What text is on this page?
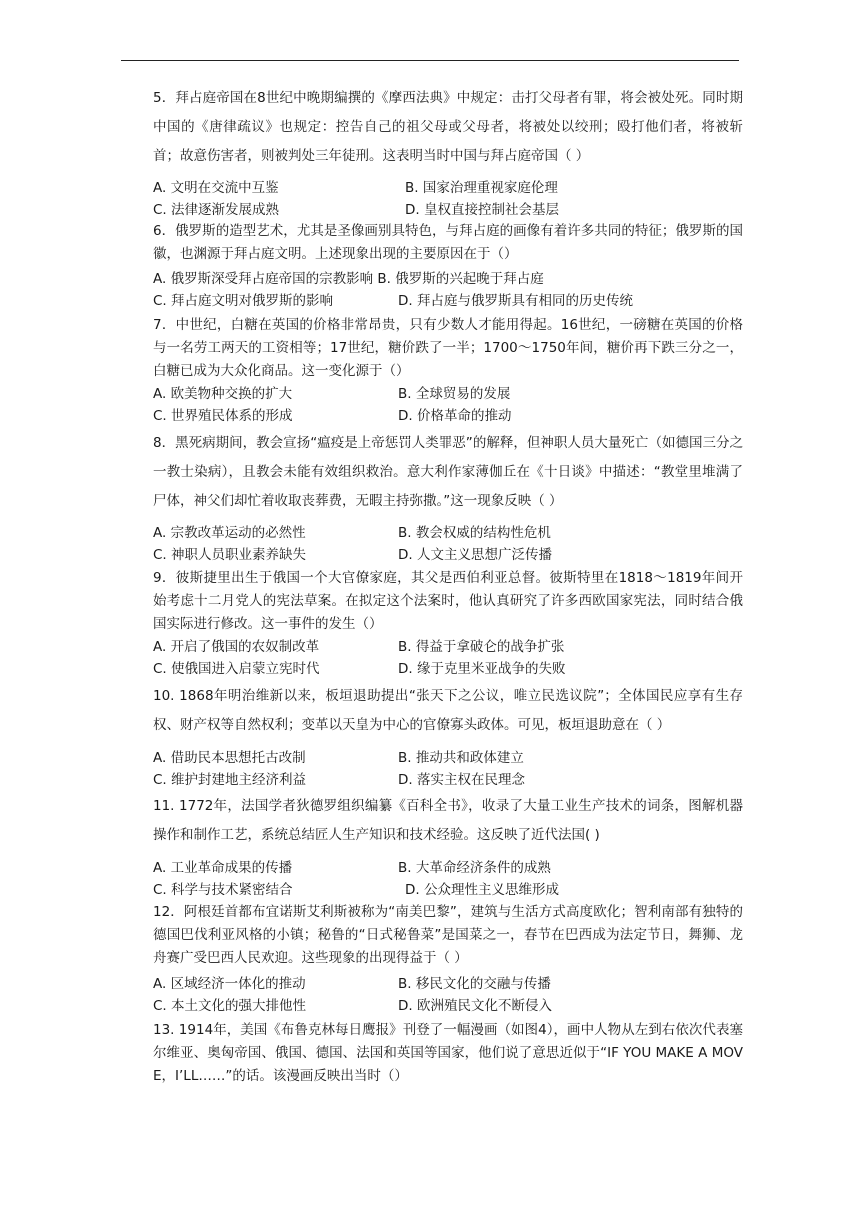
5．拜占庭帝国在8世纪中晚期编撰的《摩西法典》中规定：击打父母者有罪，将会被处死。同时期中国的《唐律疏议》也规定：控告自己的祖父母或父母者，将被处以绞刑；殴打他们者，将被斩首；故意伤害者，则被判处三年徒刑。这表明当时中国与拜占庭帝国（ ）
A. 文明在交流中互鉴	B. 国家治理重视家庭伦理
C. 法律逐渐发展成熟	D. 皇权直接控制社会基层
6．俄罗斯的造型艺术，尤其是圣像画别具特色，与拜占庭的画像有着许多共同的特征；俄罗斯的国徽，也渊源于拜占庭文明。上述现象出现的主要原因在于（）
A. 俄罗斯深受拜占庭帝国的宗教影响 B. 俄罗斯的兴起晚于拜占庭
C. 拜占庭文明对俄罗斯的影响	D. 拜占庭与俄罗斯具有相同的历史传统
7．中世纪，白糖在英国的价格非常昂贵，只有少数人才能用得起。16世纪，一磅糖在英国的价格与一名劳工两天的工资相等；17世纪，糖价跌了一半；1700～1750年间，糖价再下跌三分之一，白糖已成为大众化商品。这一变化源于（）
A. 欧美物种交换的扩大	B. 全球贸易的发展
C. 世界殖民体系的形成	D. 价格革命的推动
8．黑死病期间，教会宣扬“瘟疫是上帝惩罚人类罪恶”的解释，但神职人员大量死亡（如德国三分之一教士染病），且教会未能有效组织救治。意大利作家薄伽丘在《十日谈》中描述：“教堂里堆满了尸体，神父们却忙着收取丧葬费，无暇主持弥撒。”这一现象反映（ ）
A. 宗教改革运动的必然性	B. 教会权威的结构性危机
C. 神职人员职业素养缺失	D. 人文主义思想广泛传播
9．彼斯捷里出生于俄国一个大官僚家庭，其父是西伯利亚总督。彼斯特里在1818～1819年间开始考虑十二月党人的宪法草案。在拟定这个法案时，他认真研究了许多西欧国家宪法，同时结合俄国实际进行修改。这一事件的发生（）
A. 开启了俄国的农奴制改革	B. 得益于拿破仑的战争扩张
C. 使俄国进入启蒙立宪时代	D. 缘于克里米亚战争的失败
10. 1868年明治维新以来，板垣退助提出“张天下之公议，唯立民选议院”；全体国民应享有生存权、财产权等自然权利；变革以天皇为中心的官僚寡头政体。可见，板垣退助意在（ ）
A. 借助民本思想托古改制	B. 推动共和政体建立
C. 维护封建地主经济利益	D. 落实主权在民理念
11. 1772年，法国学者狄德罗组织编纂《百科全书》，收录了大量工业生产技术的词条，图解机器操作和制作工艺，系统总结匠人生产知识和技术经验。这反映了近代法国( )
A. 工业革命成果的传播	B. 大革命经济条件的成熟
C. 科学与技术紧密结合	D. 公众理性主义思维形成
12．阿根廷首都布宜诺斯艾利斯被称为“南美巴黎”，建筑与生活方式高度欧化；智利南部有独特的德国巴伐利亚风格的小镇；秘鲁的“日式秘鲁菜”是国菜之一，春节在巴西成为法定节日，舞狮、龙舟赛广受巴西人民欢迎。这些现象的出现得益于（ ）
A. 区域经济一体化的推动	B. 移民文化的交融与传播
C. 本土文化的强大排他性	D. 欧洲殖民文化不断侵入
13. 1914年，美国《布鲁克林每日鹰报》刊登了一幅漫画（如图4），画中人物从左到右依次代表塞尔维亚、奥匈帝国、俄国、德国、法国和英国等国家，他们说了意思近似于“IF YOU MAKE A MOVE，I’LL……”的话。该漫画反映出当时（）
